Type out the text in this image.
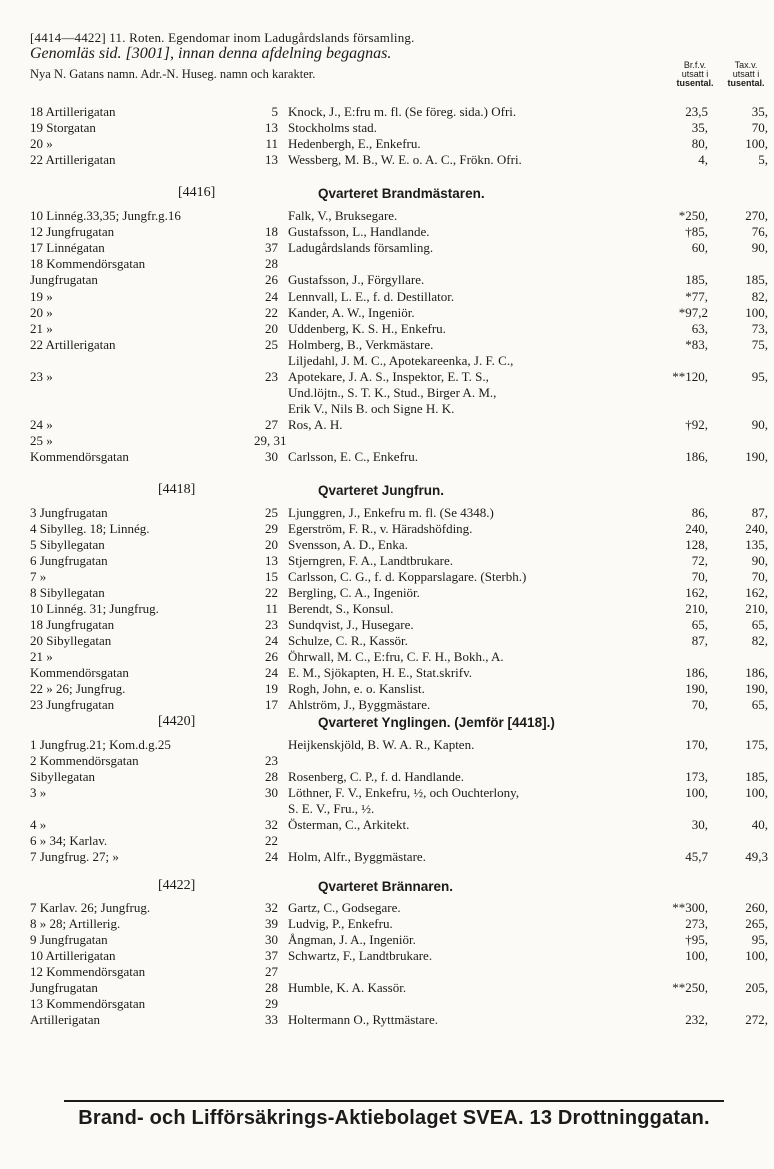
[4414—4422] 11. Roten. Egendomar inom Ladugårdslands församling.
Genomläs sid. [3001], innan denna afdelning begagnas.
Nya N. Gatans namn. Adr.-N. Huseg. namn och karakter.
Br.f.v.
utsatt i
tusental.
Tax.v.
utsatt i
tusental.
[4416]	Qvarteret Brandmästaren.
[4418]	Qvarteret Jungfrun.
[4420]	Qvarteret Ynglingen. (Jemför [4418].)
[4422]	Qvarteret Brännaren.
18 Artillerigatan	5 Knock, J., E:fru m. fl. (Se föreg. sida.) Ofri.	23,5	35,
19 Storgatan	13 Stockholms stad.	35,	70,
20 »	11 Hedenbergh, E., Enkefru.	80,	100,
22 Artillerigatan	13 Wessberg, M. B., W. E. o. A. C., Frökn. Ofri.	4,	5,
10 Linnég.33,35; Jungfr.g.16	Falk, V., Bruksegare.	*250,	270,
12 Jungfrugatan	18 Gustafsson, L., Handlande.	†85,	76,
17 Linnégatan	37 Ladugårdslands församling.	60,	90,
18 Kommendörsgatan	28
Jungfrugatan	26 Gustafsson, J., Förgyllare.	185,	185,
19 »	24 Lennvall, L. E., f. d. Destillator.	*77,	82,
20 »	22 Kander, A. W., Ingeniör.	*97,2	100,
21 »	20 Uddenberg, K. S. H., Enkefru.	63,	73,
22 Artillerigatan	25 Holmberg, B., Verkmästare.	*83,	75,
Liljedahl, J. M. C., Apotekareenka, J. F. C.,
23 »	23 Apotekare, J. A. S., Inspektor, E. T. S.,	**120,	95,
Und.löjtn., S. T. K., Stud., Birger A. M.,
Erik V., Nils B. och Signe H. K.
24 »	27 Ros, A. H.	†92,	90,
25 »	29, 31
Kommendörsgatan	30 Carlsson, E. C., Enkefru.	186,	190,
3 Jungfrugatan	25 Ljunggren, J., Enkefru m. fl. (Se 4348.)	86,	87,
4 Sibylleg. 18; Linnég.	29 Egerström, F. R., v. Häradshöfding.	240,	240,
5 Sibyllegatan	20 Svensson, A. D., Enka.	128,	135,
6 Jungfrugatan	13 Stjerngren, F. A., Landtbrukare.	72,	90,
7 »	15 Carlsson, C. G., f. d. Kopparslagare. (Sterbh.)	70,	70,
8 Sibyllegatan	22 Bergling, C. A., Ingeniör.	162,	162,
10 Linnég. 31; Jungfrug.	11 Berendt, S., Konsul.	210,	210,
18 Jungfrugatan	23 Sundqvist, J., Husegare.	65,	65,
20 Sibyllegatan	24 Schulze, C. R., Kassör.	87,	82,
21 »	26 Öhrwall, M. C., E:fru, C. F. H., Bokh., A.
Kommendörsgatan	24 E. M., Sjökapten, H. E., Stat.skrifv.	186,	186,
22 » 26; Jungfrug.	19 Rogh, John, e. o. Kanslist.	190,	190,
23 Jungfrugatan	17 Ahlström, J., Byggmästare.	70,	65,
1 Jungfrug.21; Kom.d.g.25	Heijkenskjöld, B. W. A. R., Kapten.	170,	175,
2 Kommendörsgatan	23
Sibyllegatan	28 Rosenberg, C. P., f. d. Handlande.	173,	185,
3 »	30 Löthner, F. V., Enkefru, ½, och Ouchterlony,	100,	100,
S. E. V., Fru., ½.
4 »	32 Österman, C., Arkitekt.	30,	40,
6 » 34; Karlav.	22
7 Jungfrug. 27; »	24 Holm, Alfr., Byggmästare.	45,7	49,3
7 Karlav. 26; Jungfrug.	32 Gartz, C., Godsegare.	**300,	260,
8 » 28; Artillerig.	39 Ludvig, P., Enkefru.	273,	265,
9 Jungfrugatan	30 Ångman, J. A., Ingeniör.	†95,	95,
10 Artillerigatan	37 Schwartz, F., Landtbrukare.	100,	100,
12 Kommendörsgatan	27
Jungfrugatan	28 Humble, K. A. Kassör.	**250,	205,
13 Kommendörsgatan	29
Artillerigatan	33 Holtermann O., Ryttmästare.	232,	272,
Brand- och Lifförsäkrings-Aktiebolaget SVEA. 13 Drottninggatan.
